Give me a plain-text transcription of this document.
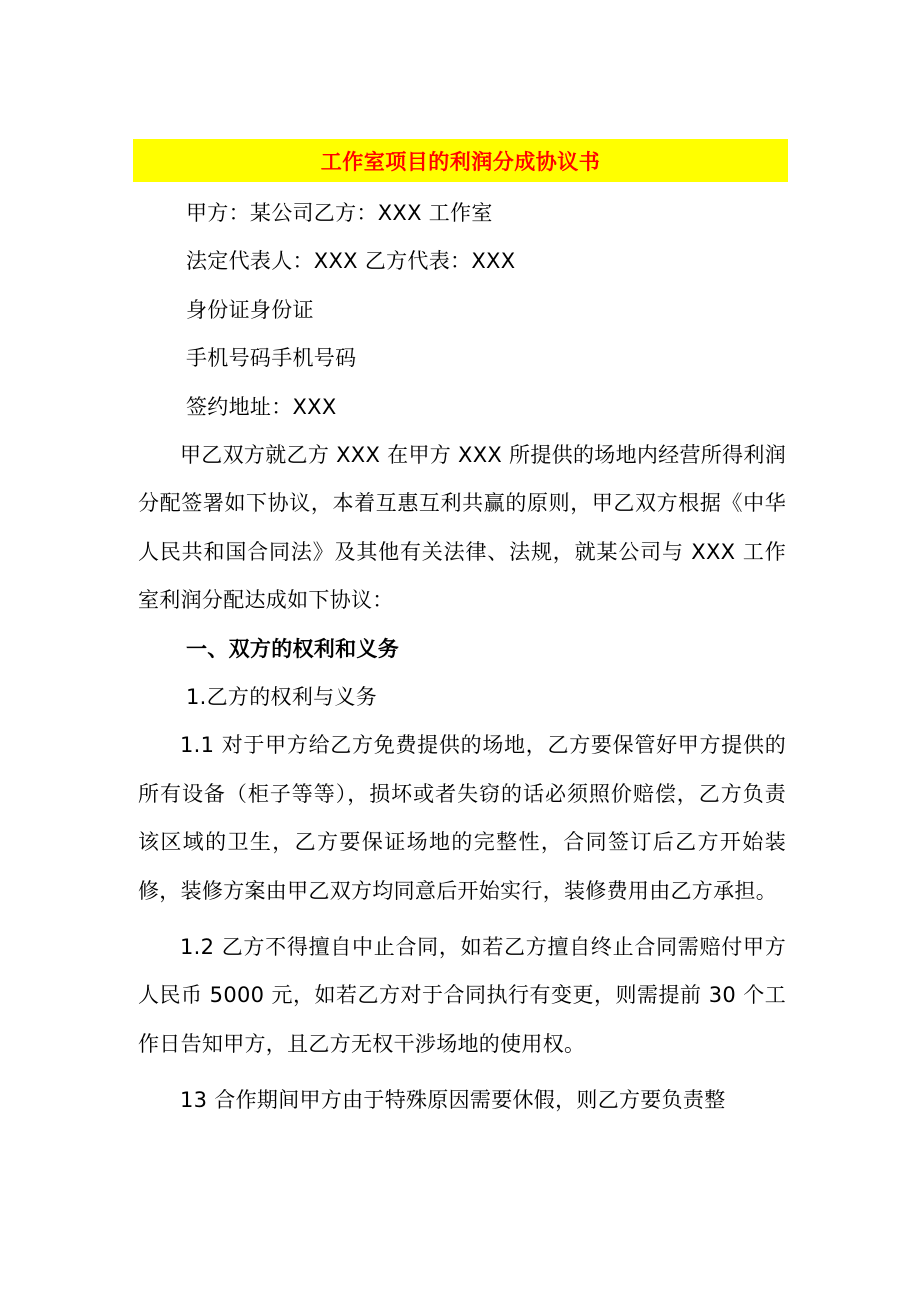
工作室项目的利润分成协议书

甲方：某公司乙方：XXX 工作室

法定代表人：XXX 乙方代表：XXX

身份证身份证

手机号码手机号码

签约地址：XXX

甲乙双方就乙方 XXX 在甲方 XXX 所提供的场地内经营所得利润分配签署如下协议，本着互惠互利共赢的原则，甲乙双方根据《中华人民共和国合同法》及其他有关法律、法规，就某公司与 XXX 工作室利润分配达成如下协议：

一、双方的权利和义务

1.乙方的权利与义务

1.1 对于甲方给乙方免费提供的场地，乙方要保管好甲方提供的所有设备（柜子等等），损坏或者失窃的话必须照价赔偿，乙方负责该区域的卫生，乙方要保证场地的完整性，合同签订后乙方开始装修，装修方案由甲乙双方均同意后开始实行，装修费用由乙方承担。

1.2 乙方不得擅自中止合同，如若乙方擅自终止合同需赔付甲方人民币 5000 元，如若乙方对于合同执行有变更，则需提前 30 个工作日告知甲方，且乙方无权干涉场地的使用权。

13 合作期间甲方由于特殊原因需要休假，则乙方要负责整
